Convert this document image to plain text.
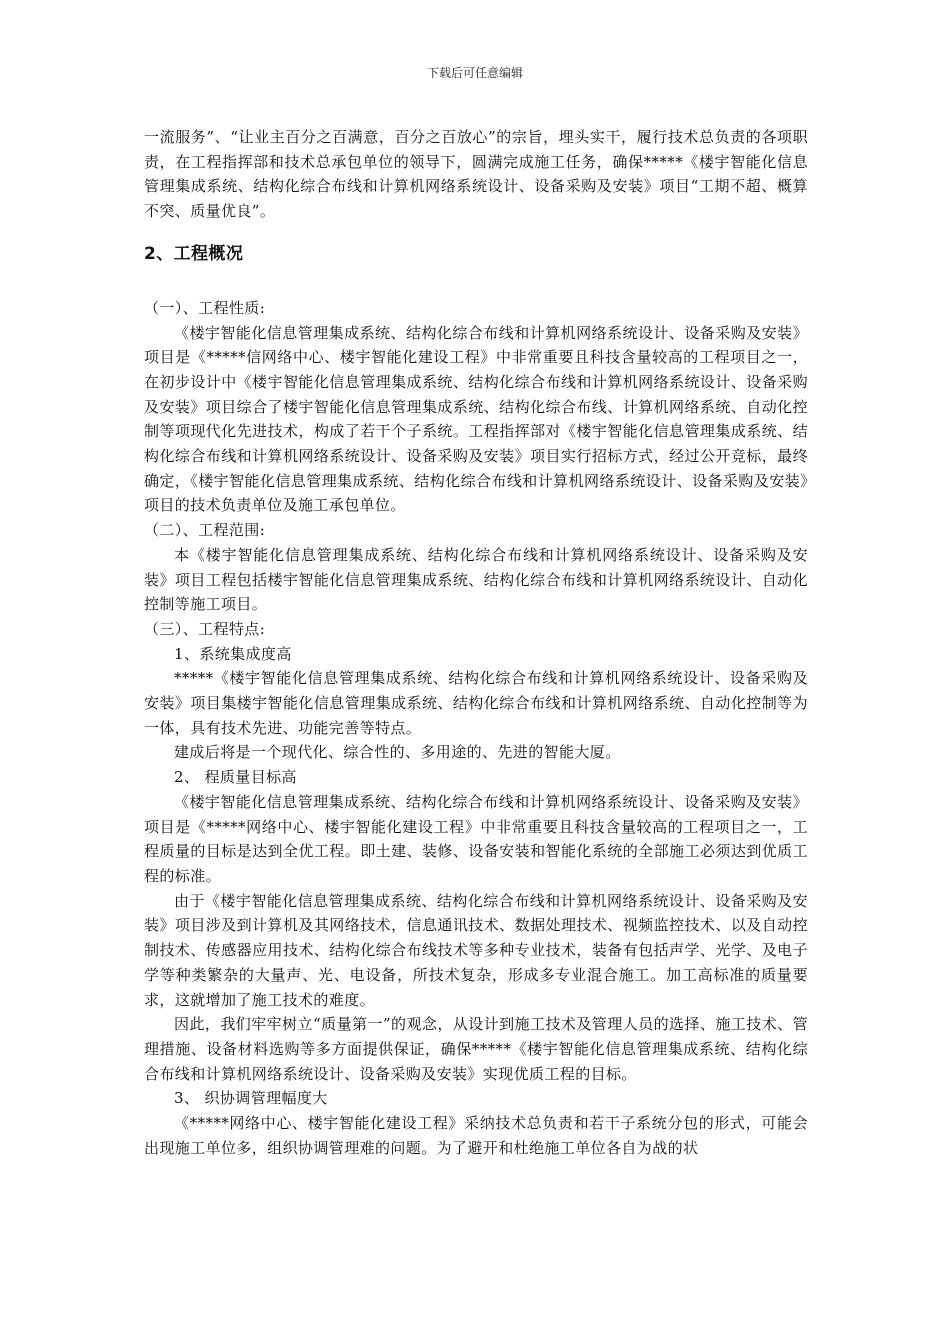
下载后可任意编辑

一流服务”、“让业主百分之百满意，百分之百放心”的宗旨，埋头实干，履行技术总负责的各项职责，在工程指挥部和技术总承包单位的领导下，圆满完成施工任务，确保*****《楼宇智能化信息管理集成系统、结构化综合布线和计算机网络系统设计、设备采购及安装》项目“工期不超、概算不突、质量优良”。

2、工程概况

（一）、工程性质:

《楼宇智能化信息管理集成系统、结构化综合布线和计算机网络系统设计、设备采购及安装》项目是《*****信网络中心、楼宇智能化建设工程》中非常重要且科技含量较高的工程项目之一，在初步设计中《楼宇智能化信息管理集成系统、结构化综合布线和计算机网络系统设计、设备采购及安装》项目综合了楼宇智能化信息管理集成系统、结构化综合布线、计算机网络系统、自动化控制等项现代化先进技术，构成了若干个子系统。工程指挥部对《楼宇智能化信息管理集成系统、结构化综合布线和计算机网络系统设计、设备采购及安装》项目实行招标方式，经过公开竞标，最终确定，《楼宇智能化信息管理集成系统、结构化综合布线和计算机网络系统设计、设备采购及安装》项目的技术负责单位及施工承包单位。

（二）、工程范围:

本《楼宇智能化信息管理集成系统、结构化综合布线和计算机网络系统设计、设备采购及安装》项目工程包括楼宇智能化信息管理集成系统、结构化综合布线和计算机网络系统设计、自动化控制等施工项目。

（三）、工程特点:

1、系统集成度高

*****《楼宇智能化信息管理集成系统、结构化综合布线和计算机网络系统设计、设备采购及安装》项目集楼宇智能化信息管理集成系统、结构化综合布线和计算机网络系统、自动化控制等为一体，具有技术先进、功能完善等特点。

建成后将是一个现代化、综合性的、多用途的、先进的智能大厦。

2、 程质量目标高

《楼宇智能化信息管理集成系统、结构化综合布线和计算机网络系统设计、设备采购及安装》项目是《*****网络中心、楼宇智能化建设工程》中非常重要且科技含量较高的工程项目之一，工程质量的目标是达到全优工程。即土建、装修、设备安装和智能化系统的全部施工必须达到优质工程的标准。

由于《楼宇智能化信息管理集成系统、结构化综合布线和计算机网络系统设计、设备采购及安装》项目涉及到计算机及其网络技术，信息通讯技术、数据处理技术、视频监控技术、以及自动控制技术、传感器应用技术、结构化综合布线技术等多种专业技术，装备有包括声学、光学、及电子学等种类繁杂的大量声、光、电设备，所技术复杂，形成多专业混合施工。加工高标准的质量要求，这就增加了施工技术的难度。

因此，我们牢牢树立“质量第一”的观念，从设计到施工技术及管理人员的选择、施工技术、管理措施、设备材料选购等多方面提供保证，确保*****《楼宇智能化信息管理集成系统、结构化综合布线和计算机网络系统设计、设备采购及安装》实现优质工程的目标。

3、 织协调管理幅度大

《*****网络中心、楼宇智能化建设工程》采纳技术总负责和若干子系统分包的形式，可能会出现施工单位多，组织协调管理难的问题。为了避开和杜绝施工单位各自为战的状
